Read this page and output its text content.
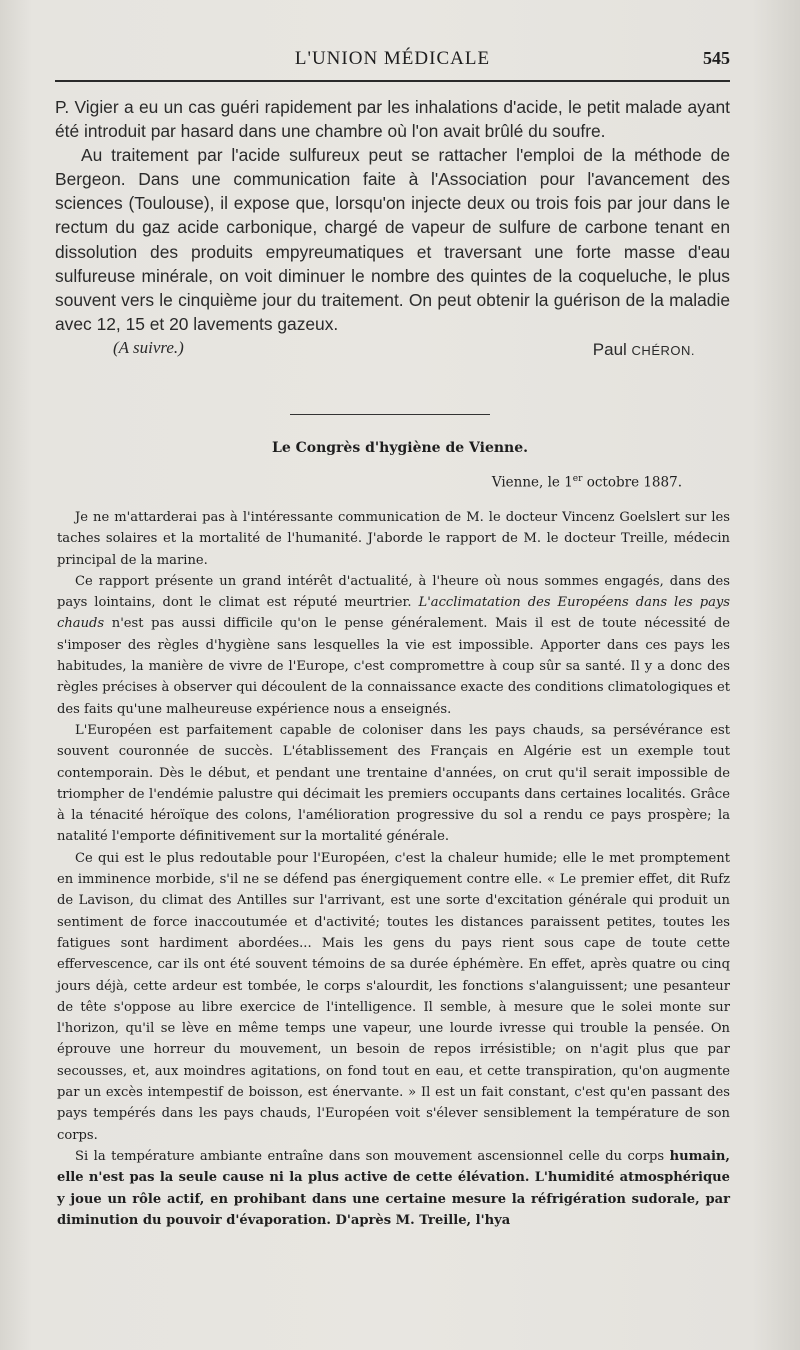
L'UNION MÉDICALE	545

P. Vigier a eu un cas guéri rapidement par les inhalations d'acide, le petit malade ayant été introduit par hasard dans une chambre où l'on avait brûlé du soufre.

Au traitement par l'acide sulfureux peut se rattacher l'emploi de la méthode de Bergeon. Dans une communication faite à l'Association pour l'avancement des sciences (Toulouse), il expose que, lorsqu'on injecte deux ou trois fois par jour dans le rectum du gaz acide carbonique, chargé de vapeur de sulfure de carbone tenant en dissolution des produits empyreumatiques et traversant une forte masse d'eau sulfureuse minérale, on voit diminuer le nombre des quintes de la coqueluche, le plus souvent vers le cinquième jour du traitement. On peut obtenir la guérison de la maladie avec 12, 15 et 20 lavements gazeux.

(A suivre.)	Paul CHÉRON.
Le Congrès d'hygiène de Vienne.
Vienne, le 1er octobre 1887.

Je ne m'attarderai pas à l'intéressante communication de M. le docteur Vincenz Goelslert sur les taches solaires et la mortalité de l'humanité. J'aborde le rapport de M. le docteur Treille, médecin principal de la marine.

Ce rapport présente un grand intérêt d'actualité, à l'heure où nous sommes engagés, dans des pays lointains, dont le climat est réputé meurtrier. L'acclimatation des Européens dans les pays chauds n'est pas aussi difficile qu'on le pense généralement. Mais il est de toute nécessité de s'imposer des règles d'hygiène sans lesquelles la vie est impossible. Apporter dans ces pays les habitudes, la manière de vivre de l'Europe, c'est compromettre à coup sûr sa santé. Il y a donc des règles précises à observer qui découlent de la connaissance exacte des conditions climatologiques et des faits qu'une malheureuse expérience nous a enseignés.

L'Européen est parfaitement capable de coloniser dans les pays chauds, sa persévérance est souvent couronnée de succès. L'établissement des Français en Algérie est un exemple tout contemporain. Dès le début, et pendant une trentaine d'années, on crut qu'il serait impossible de triompher de l'endémie palustre qui décimait les premiers occupants dans certaines localités. Grâce à la ténacité héroïque des colons, l'amélioration progressive du sol a rendu ce pays prospère; la natalité l'emporte définitivement sur la mortalité générale.

Ce qui est le plus redoutable pour l'Européen, c'est la chaleur humide; elle le met promptement en imminence morbide, s'il ne se défend pas énergiquement contre elle. « Le premier effet, dit Rufz de Lavison, du climat des Antilles sur l'arrivant, est une sorte d'excitation générale qui produit un sentiment de force inaccoutumée et d'activité; toutes les distances paraissent petites, toutes les fatigues sont hardiment abordées... Mais les gens du pays rient sous cape de toute cette effervescence, car ils ont été souvent témoins de sa durée éphémère. En effet, après quatre ou cinq jours déjà, cette ardeur est tombée, le corps s'alourdit, les fonctions s'alanguissent; une pesanteur de tête s'oppose au libre exercice de l'intelligence. Il semble, à mesure que le solei monte sur l'horizon, qu'il se lève en même temps une vapeur, une lourde ivresse qui trouble la pensée. On éprouve une horreur du mouvement, un besoin de repos irrésistible; on n'agit plus que par secousses, et, aux moindres agitations, on fond tout en eau, et cette transpiration, qu'on augmente par un excès intempestif de boisson, est énervante. » Il est un fait constant, c'est qu'en passant des pays tempérés dans les pays chauds, l'Européen voit s'élever sensiblement la température de son corps.

Si la température ambiante entraîne dans son mouvement ascensionnel celle du corps humain, elle n'est pas la seule cause ni la plus active de cette élévation. L'humidité atmosphérique y joue un rôle actif, en prohibant dans une certaine mesure la réfrigération sudorale, par diminution du pouvoir d'évaporation. D'après M. Treille, l'hya
